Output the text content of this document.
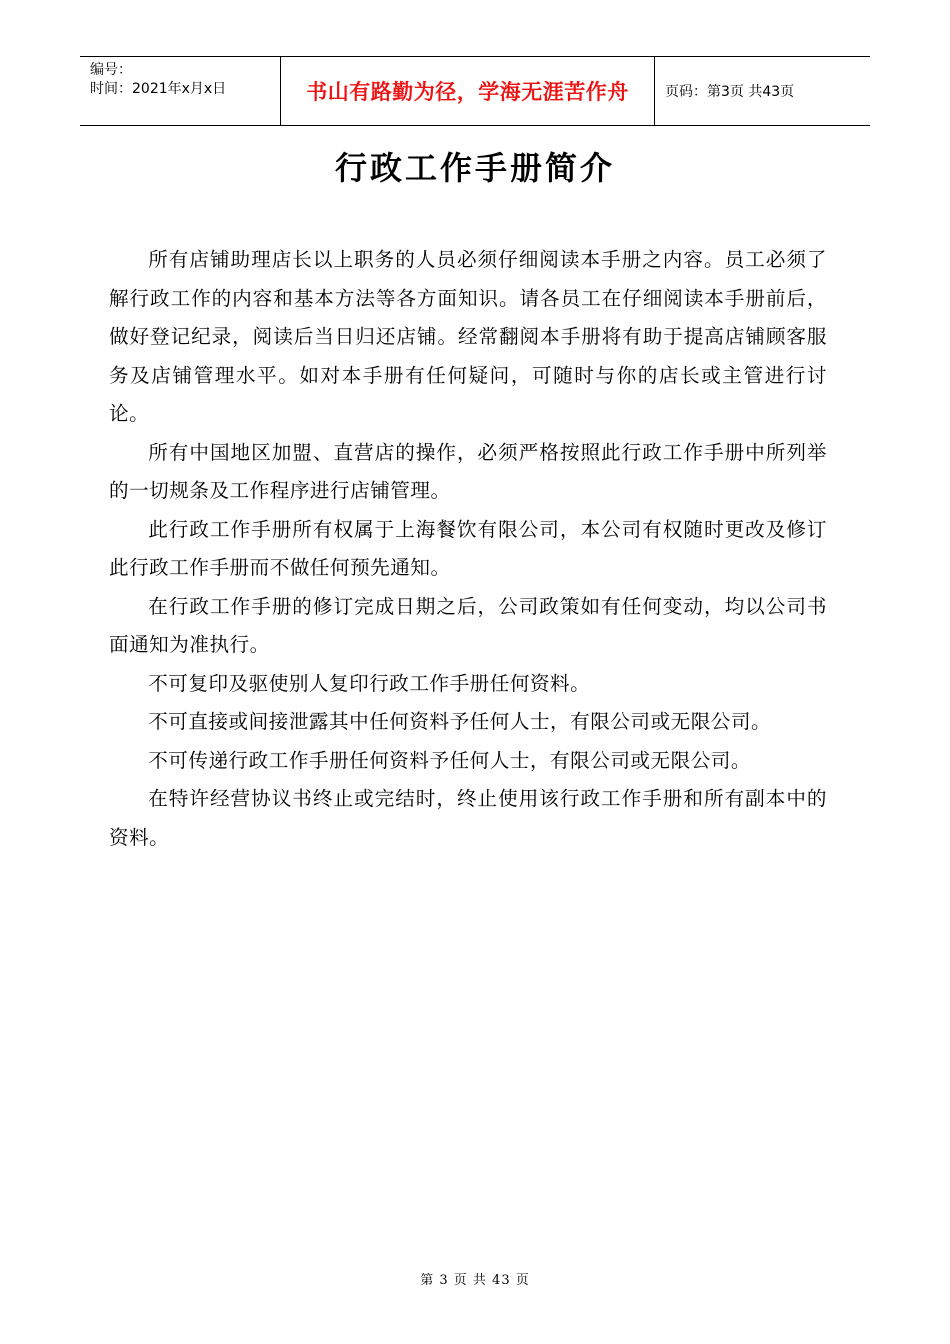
编号：
时间：2021年x月x日	书山有路勤为径，学海无涯苦作舟	页码：第3页 共43页
行政工作手册简介

所有店铺助理店长以上职务的人员必须仔细阅读本手册之内容。员工必须了解行政工作的内容和基本方法等各方面知识。请各员工在仔细阅读本手册前后，做好登记纪录，阅读后当日归还店铺。经常翻阅本手册将有助于提高店铺顾客服务及店铺管理水平。如对本手册有任何疑问，可随时与你的店长或主管进行讨论。

所有中国地区加盟、直营店的操作，必须严格按照此行政工作手册中所列举的一切规条及工作程序进行店铺管理。

此行政工作手册所有权属于上海餐饮有限公司，本公司有权随时更改及修订此行政工作手册而不做任何预先通知。

在行政工作手册的修订完成日期之后，公司政策如有任何变动，均以公司书面通知为准执行。

不可复印及驱使别人复印行政工作手册任何资料。

不可直接或间接泄露其中任何资料予任何人士，有限公司或无限公司。

不可传递行政工作手册任何资料予任何人士，有限公司或无限公司。

在特许经营协议书终止或完结时，终止使用该行政工作手册和所有副本中的资料。

第 3 页 共 43 页
